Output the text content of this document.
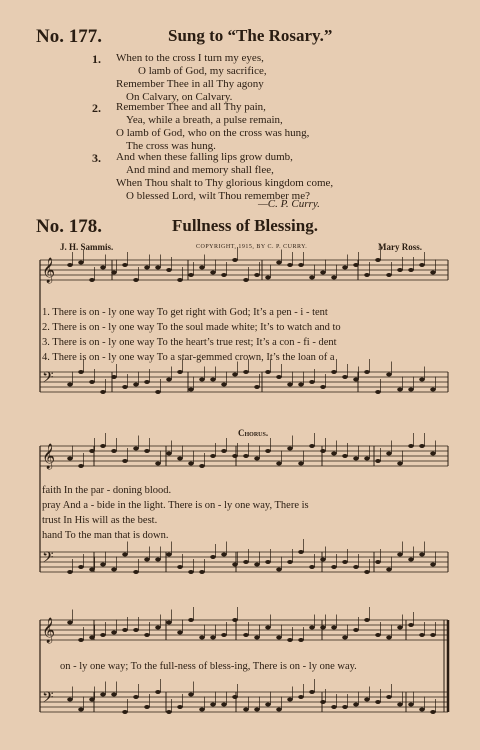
No. 177.	Sung to “The Rosary.”
1. When to the cross I turn my eyes,
O lamb of God, my sacrifice,
Remember Thee in all Thy agony
On Calvary, on Calvary.
2. Remember Thee and all Thy pain,
Yea, while a breath, a pulse remain,
O lamb of God, who on the cross was hung,
The cross was hung.
3. And when these falling lips grow dumb,
And mind and memory shall flee,
When Thou shalt to Thy glorious kingdom come,
O blessed Lord, wilt Thou remember me?
—C. P. Curry.
No. 178.	Fullness of Blessing.
J. H. Sammis.	COPYRIGHT, 1915, BY C. P. CURRY.	Mary Ross.
𝄞
𝄢
𝄞
𝄢
𝄞
𝄢
1. There is on - ly one way To get right with God; It’s a pen - i - tent
2. There is on - ly one way To the soul made white; It’s to watch and to
3. There is on - ly one way To the heart’s true rest; It’s a con - fi - dent
4. There is on - ly one way To a star-gemmed crown, It’s the loan of a
Chorus.
faith In the par - doning blood.
pray And a - bide in the light. There is on - ly one way, There is
trust In His will as the best.
hand To the man that is down.
on - ly one way; To the full-ness of bless-ing, There is on - ly one way.
